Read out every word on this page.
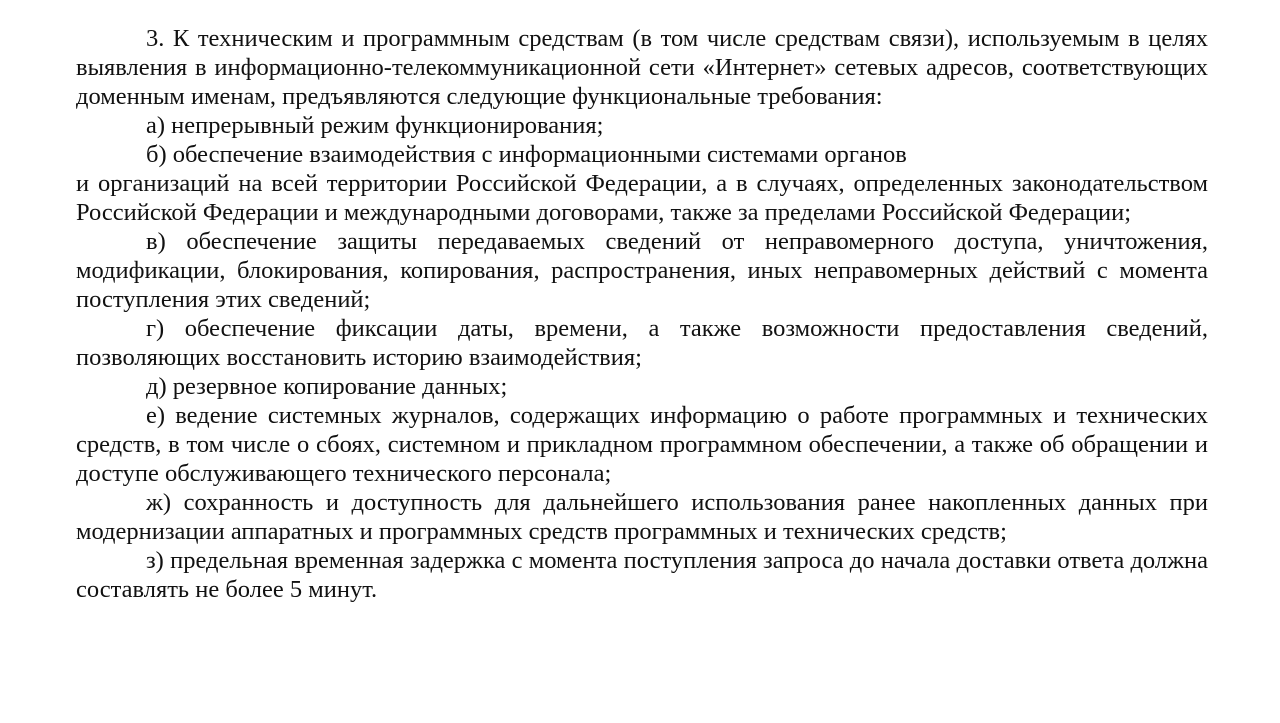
3. К техническим и программным средствам (в том числе средствам связи), используемым в целях выявления в информационно-телекоммуникационной сети «Интернет» сетевых адресов, соответствующих доменным именам, предъявляются следующие функциональные требования:

а) непрерывный режим функционирования;

б) обеспечение взаимодействия с информационными системами органов
и организаций на всей территории Российской Федерации, а в случаях, определенных законодательством Российской Федерации и международными договорами, также за пределами Российской Федерации;

в) обеспечение защиты передаваемых сведений от неправомерного доступа, уничтожения, модификации, блокирования, копирования, распространения, иных неправомерных действий с момента поступления этих сведений;

г) обеспечение фиксации даты, времени, а также возможности предоставления сведений, позволяющих восстановить историю взаимодействия;

д) резервное копирование данных;

е) ведение системных журналов, содержащих информацию о работе программных и технических средств, в том числе о сбоях, системном и прикладном программном обеспечении, а также об обращении и доступе обслуживающего технического персонала;

ж) сохранность и доступность для дальнейшего использования ранее накопленных данных при модернизации аппаратных и программных средств программных и технических средств;

з) предельная временная задержка с момента поступления запроса до начала доставки ответа должна составлять не более 5 минут.
